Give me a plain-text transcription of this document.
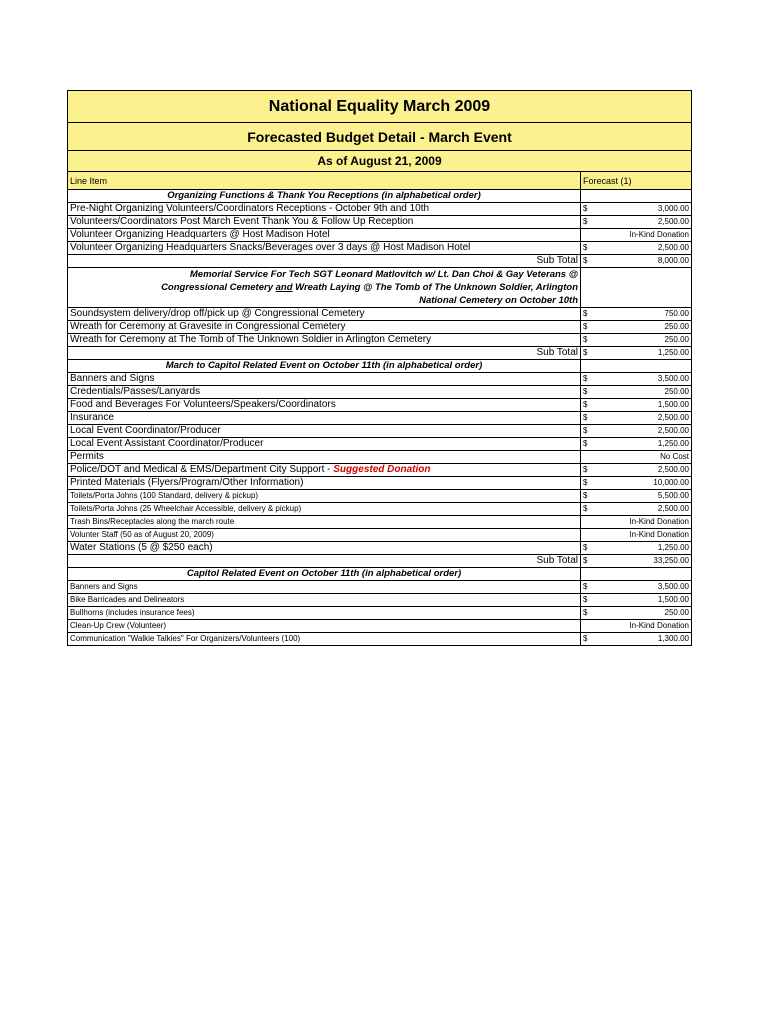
National Equality March 2009	
Forecasted Budget Detail - March Event	
As of August 21, 2009	
Line Item	Forecast (1)
Organizing Functions & Thank You Receptions (in alphabetical order)	
Pre-Night Organizing Volunteers/Coordinators Receptions - October 9th and 10th	$ 3,000.00

Volunteers/Coordinators Post March Event Thank You & Follow Up Reception	$ 2,500.00

Volunteer Organizing Headquarters @ Host Madison Hotel	In-Kind Donation

Volunteer Organizing Headquarters Snacks/Beverages over 3 days @ Host Madison Hotel	$ 2,500.00

Sub Total	$ 8,000.00

Memorial Service For Tech SGT Leonard Matlovitch w/ Lt. Dan Choi & Gay Veterans @
Congressional Cemetery and Wreath Laying @ The Tomb of The Unknown Soldier, Arlington
National Cemetery on October 10th	
Soundsystem delivery/drop off/pick up @ Congressional Cemetery	$ 750.00

Wreath for Ceremony at Gravesite in Congressional Cemetery	$ 250.00

Wreath for Ceremony at The Tomb of The Unknown Soldier in Arlington Cemetery	$ 250.00

Sub Total	$ 1,250.00

March to Capitol Related Event on October 11th (in alphabetical order)	
Banners and Signs	$ 3,500.00

Credentials/Passes/Lanyards	$ 250.00

Food and Beverages For Volunteers/Speakers/Coordinators	$ 1,500.00

Insurance	$ 2,500.00

Local Event Coordinator/Producer	$ 2,500.00

Local Event Assistant Coordinator/Producer	$ 1,250.00

Permits	No Cost

Police/DOT and Medical & EMS/Department City Support - Suggested Donation	$ 2,500.00

Printed Materials (Flyers/Program/Other Information)	$ 10,000.00

Toilets/Porta Johns (100 Standard, delivery & pickup)	$ 5,500.00

Toilets/Porta Johns (25 Wheelchair Accessible, delivery & pickup)	$ 2,500.00

Trash Bins/Receptacles along the march route	In-Kind Donation

Volunter Staff (50 as of August 20, 2009)	In-Kind Donation

Water Stations (5 @ $250 each)	$ 1,250.00

Sub Total	$ 33,250.00

Capitol Related Event on October 11th (in alphabetical order)	
Banners and Signs	$ 3,500.00

Bike Barricades and Delineators	$ 1,500.00

Bullhorns (includes insurance fees)	$ 250.00

Clean-Up Crew (Volunteer)	In-Kind Donation

Communication "Walkie Talkies" For Organizers/Volunteers (100)	$ 1,300.00
